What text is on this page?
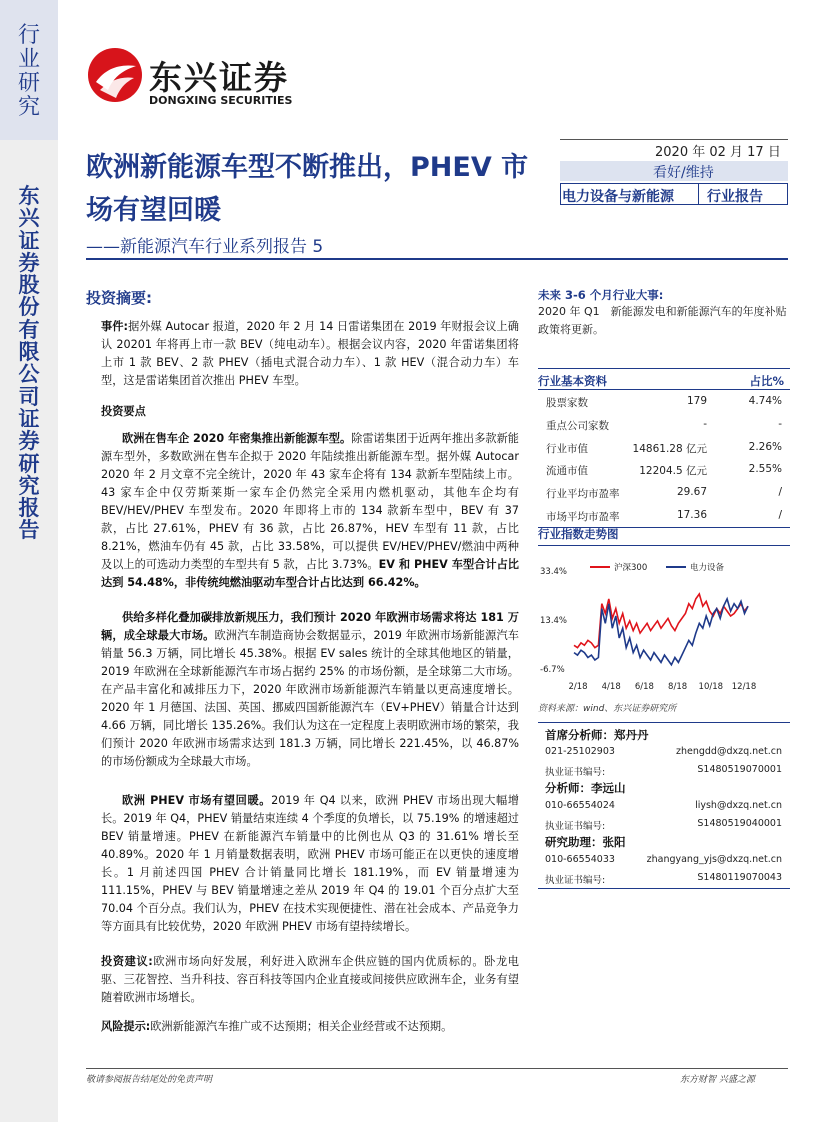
行业研究
东兴证券股份有限公司证券研究报告
东兴证券
DONGXING SECURITIES
欧洲新能源车型不断推出，PHEV 市
场有望回暖
——新能源汽车行业系列报告 5
2020 年 02 月 17 日
看好/维持
电力设备与新能源 行业报告
投资摘要:
事件:据外媒 Autocar 报道，2020 年 2 月 14 日雷诺集团在 2019 年财报会议上确认 20201 年将再上市一款 BEV（纯电动车）。根据会议内容，2020 年雷诺集团将上市 1 款 BEV、2 款 PHEV（插电式混合动力车）、1 款 HEV（混合动力车）车型，这是雷诺集团首次推出 PHEV 车型。
投资要点
欧洲在售车企 2020 年密集推出新能源车型。除雷诺集团于近两年推出多款新能源车型外，多数欧洲在售车企拟于 2020 年陆续推出新能源车型。据外媒 Autocar 2020 年 2 月文章不完全统计，2020 年 43 家车企将有 134 款新车型陆续上市。 43 家车企中仅劳斯莱斯一家车企仍然完全采用内燃机驱动，其他车企均有 BEV/HEV/PHEV 车型发布。2020 年即将上市的 134 款新车型中，BEV 有 37 款，占比 27.61%，PHEV 有 36 款，占比 26.87%，HEV 车型有 11 款，占比 8.21%，燃油车仍有 45 款，占比 33.58%，可以提供 EV/HEV/PHEV/燃油中两种及以上的可选动力类型的车型共有 5 款，占比 3.73%。EV 和 PHEV 车型合计占比达到 54.48%，非传统纯燃油驱动车型合计占比达到 66.42%。
供给多样化叠加碳排放新规压力，我们预计 2020 年欧洲市场需求将达 181 万辆，成全球最大市场。欧洲汽车制造商协会数据显示，2019 年欧洲市场新能源汽车销量 56.3 万辆，同比增长 45.38%。根据 EV sales 统计的全球其他地区的销量，2019 年欧洲在全球新能源汽车市场占据约 25% 的市场份额，是全球第二大市场。在产品丰富化和减排压力下，2020 年欧洲市场新能源汽车销量以更高速度增长。2020 年 1 月德国、法国、英国、挪威四国新能源汽车（EV+PHEV）销量合计达到 4.66 万辆，同比增长 135.26%。我们认为这在一定程度上表明欧洲市场的繁荣，我们预计 2020 年欧洲市场需求达到 181.3 万辆，同比增长 221.45%，以 46.87% 的市场份额成为全球最大市场。
欧洲 PHEV 市场有望回暖。2019 年 Q4 以来，欧洲 PHEV 市场出现大幅增长。2019 年 Q4，PHEV 销量结束连续 4 个季度的负增长，以 75.19% 的增速超过 BEV 销量增速。PHEV 在新能源汽车销量中的比例也从 Q3 的 31.61% 增长至 40.89%。2020 年 1 月销量数据表明，欧洲 PHEV 市场可能正在以更快的速度增长。1 月前述四国 PHEV 合计销量同比增长 181.19%，而 EV 销量增速为 111.15%，PHEV 与 BEV 销量增速之差从 2019 年 Q4 的 19.01 个百分点扩大至 70.04 个百分点。我们认为，PHEV 在技术实现便捷性、潜在社会成本、产品竞争力等方面具有比较优势，2020 年欧洲 PHEV 市场有望持续增长。
投资建议:欧洲市场向好发展，利好进入欧洲车企供应链的国内优质标的。卧龙电驱、三花智控、当升科技、容百科技等国内企业直接或间接供应欧洲车企，业务有望随着欧洲市场增长。
风险提示:欧洲新能源汽车推广或不达预期；相关企业经营或不达预期。
未来 3-6 个月行业大事:
2020 年 Q1　新能源发电和新能源汽车的年度补贴政策将更新。
行业基本资料	占比%
股票家数	179	4.74%
重点公司家数	-	-
行业市值	14861.28 亿元	2.26%
流通市值	12204.5 亿元	2.55%
行业平均市盈率	29.67	/
市场平均市盈率	17.36	/
行业指数走势图
33.4%
13.4%
-6.7%
2/18 4/18 6/18 8/18 10/18 12/18
沪深300	电力设备
资料来源：wind、东兴证券研究所
首席分析师：郑丹丹
021-25102903	zhengdd@dxzq.net.cn
执业证书编号:	S1480519070001
分析师：李远山
010-66554024	liysh@dxzq.net.cn
执业证书编号:	S1480519040001
研究助理：张阳
010-66554033	zhangyang_yjs@dxzq.net.cn
执业证书编号:	S1480119070043
敬请参阅报告结尾处的免责声明	东方财智 兴盛之源
